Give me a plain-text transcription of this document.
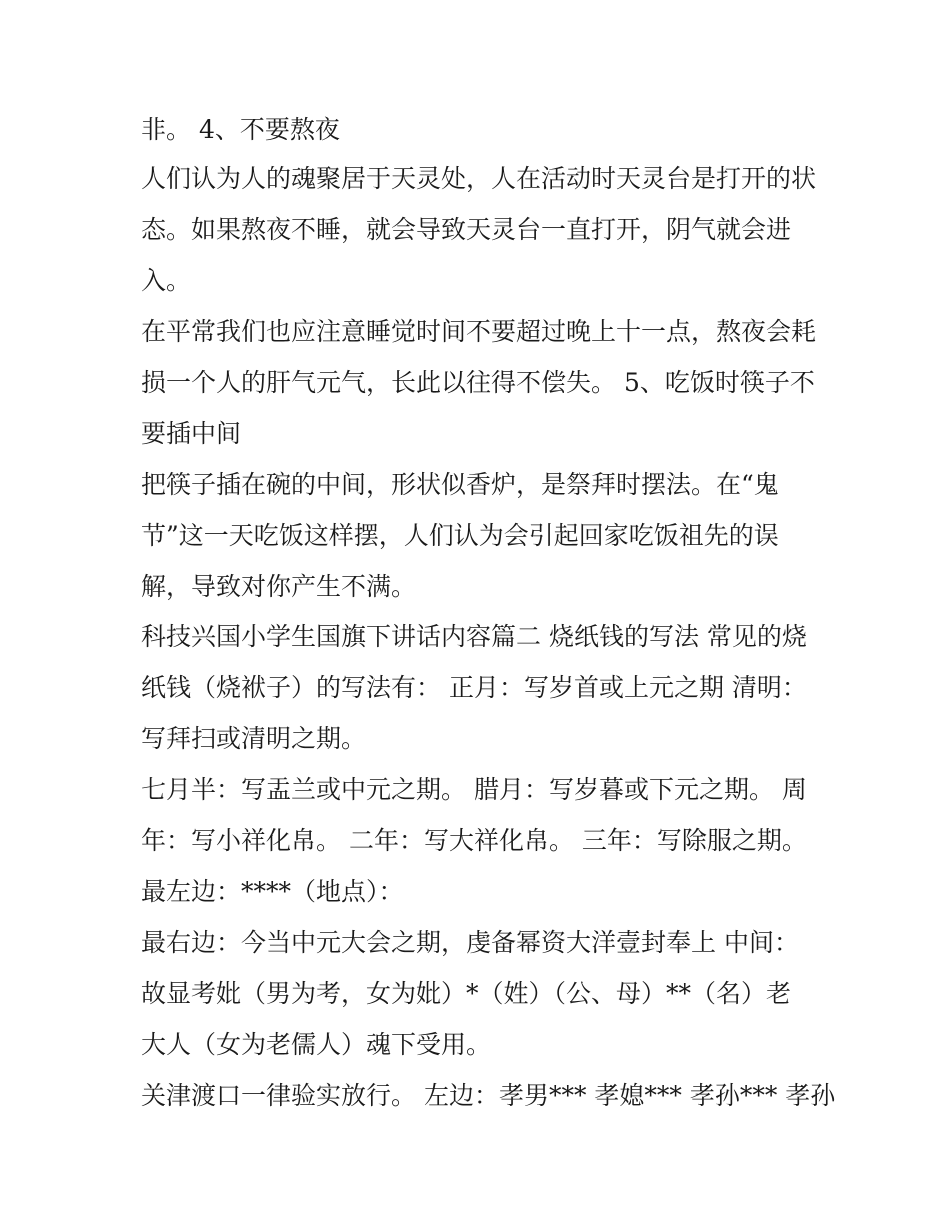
非。 4、不要熬夜

人们认为人的魂聚居于天灵处，人在活动时天灵台是打开的状

态。如果熬夜不睡，就会导致天灵台一直打开，阴气就会进

入。

在平常我们也应注意睡觉时间不要超过晚上十一点，熬夜会耗

损一个人的肝气元气，长此以往得不偿失。 5、吃饭时筷子不

要插中间

把筷子插在碗的中间，形状似香炉，是祭拜时摆法。在“鬼

节”这一天吃饭这样摆，人们认为会引起回家吃饭祖先的误

解，导致对你产生不满。

科技兴国小学生国旗下讲话内容篇二 烧纸钱的写法 常见的烧

纸钱（烧袱子）的写法有： 正月：写岁首或上元之期 清明：

写拜扫或清明之期。

七月半：写盂兰或中元之期。 腊月：写岁暮或下元之期。 周

年：写小祥化帛。 二年：写大祥化帛。 三年：写除服之期。

最左边：****（地点）：

最右边：今当中元大会之期，虔备幂资大洋壹封奉上 中间：

故显考妣（男为考，女为妣）*（姓）（公、母）**（名）老

大人（女为老儒人）魂下受用。

关津渡口一律验实放行。 左边：孝男*** 孝媳*** 孝孙*** 孝孙
